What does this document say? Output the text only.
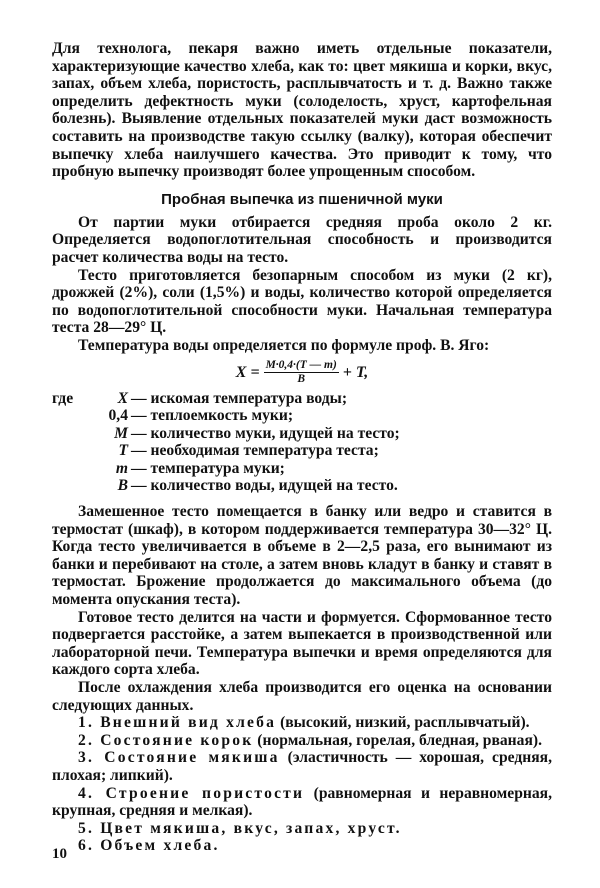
Для технолога, пекаря важно иметь отдельные показатели, характеризующие качество хлеба, как то: цвет мякиша и корки, вкус, запах, объем хлеба, пористость, расплывчатость и т. д. Важно также определить дефектность муки (солоделость, хруст, картофельная болезнь). Выявление отдельных показателей муки даст возможность составить на производстве такую ссылку (валку), которая обеспечит выпечку хлеба наилучшего качества. Это приводит к тому, что пробную выпечку производят более упрощенным способом.

Пробная выпечка из пшеничной муки

От партии муки отбирается средняя проба около 2 кг. Определяется водопоглотительная способность и производится расчет количества воды на тесто.

Тесто приготовляется безопарным способом из муки (2 кг), дрожжей (2%), соли (1,5%) и воды, количество которой определяется по водопоглотительной способности муки. Начальная температура теста 28—29° Ц.

Температура воды определяется по формуле проф. В. Яго:

$X = \frac{M\cdot 0,4\cdot(T — m)}{B} + T$,
где	X — искомая температура воды;
0,4 — теплоемкость муки;
M — количество муки, идущей на тесто;
T — необходимая температура теста;
m — температура муки;
B — количество воды, идущей на тесто.

Замешенное тесто помещается в банку или ведро и ставится в термостат (шкаф), в котором поддерживается температура 30—32° Ц. Когда тесто увеличивается в объеме в 2—2,5 раза, его вынимают из банки и перебивают на столе, а затем вновь кладут в банку и ставят в термостат. Брожение продолжается до максимального объема (до момента опускания теста).

Готовое тесто делится на части и формуется. Сформованное тесто подвергается расстойке, а затем выпекается в производственной или лабораторной печи. Температура выпечки и время определяются для каждого сорта хлеба.

После охлаждения хлеба производится его оценка на основании следующих данных.

1. Внешний вид хлеба (высокий, низкий, расплывчатый).

2. Состояние корок (нормальная, горелая, бледная, рваная).

3. Состояние мякиша (эластичность — хорошая, средняя, плохая; липкий).

4. Строение пористости (равномерная и неравномерная, крупная, средняя и мелкая).

5. Цвет мякиша, вкус, запах, хруст.

6. Объем хлеба.

10
